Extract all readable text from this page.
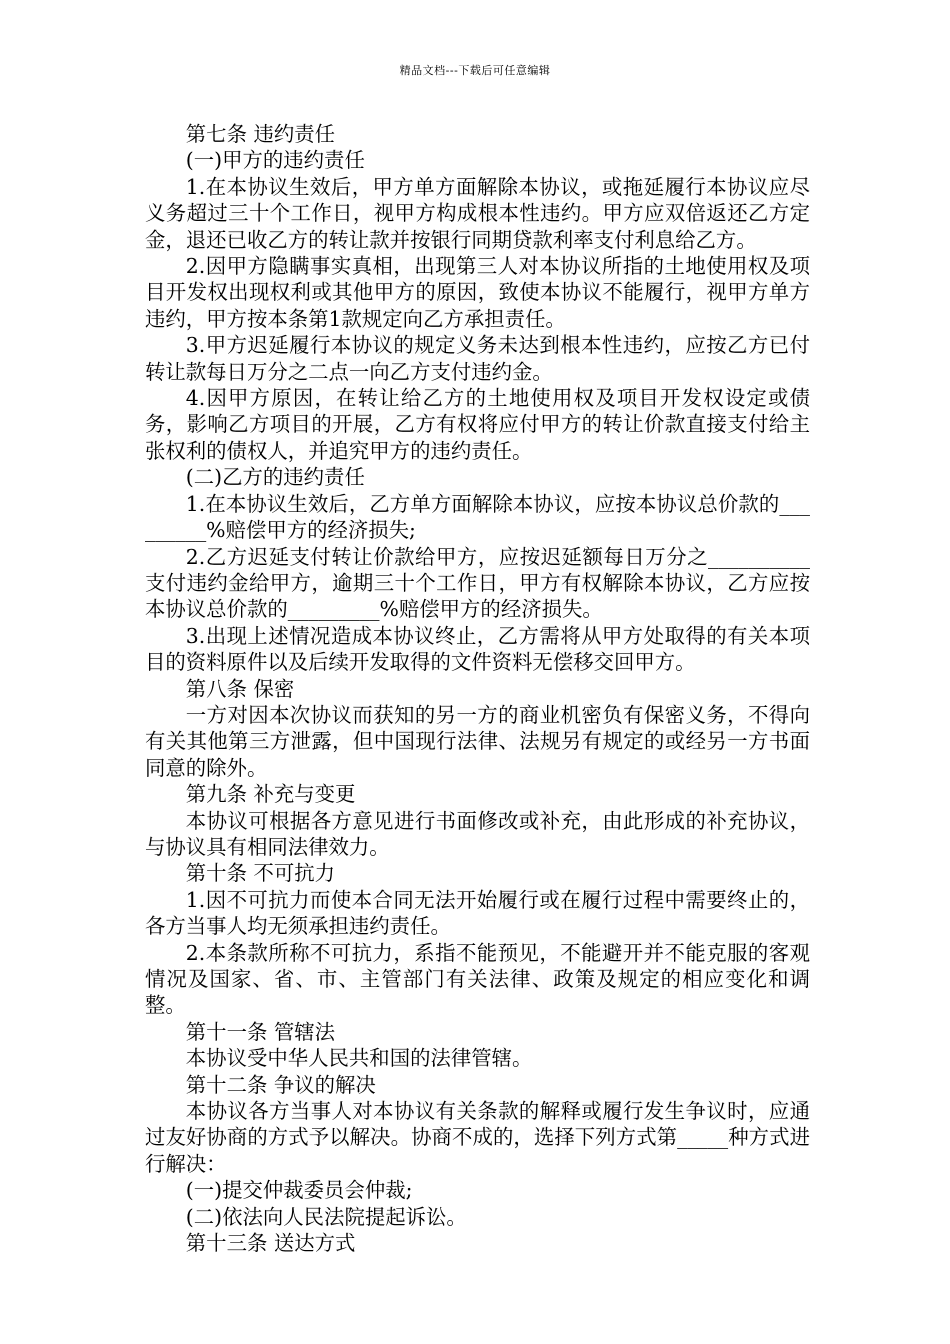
精品文档---下载后可任意编辑

第七条 违约责任

(一)甲方的违约责任

1.在本协议生效后，甲方单方面解除本协议，或拖延履行本协议应尽义务超过三十个工作日，视甲方构成根本性违约。甲方应双倍返还乙方定金，退还已收乙方的转让款并按银行同期贷款利率支付利息给乙方。

2.因甲方隐瞒事实真相，出现第三人对本协议所指的土地使用权及项目开发权出现权利或其他甲方的原因，致使本协议不能履行，视甲方单方违约，甲方按本条第1款规定向乙方承担责任。

3.甲方迟延履行本协议的规定义务未达到根本性违约，应按乙方已付转让款每日万分之二点一向乙方支付违约金。

4.因甲方原因，在转让给乙方的土地使用权及项目开发权设定或债务，影响乙方项目的开展，乙方有权将应付甲方的转让价款直接支付给主张权利的债权人，并追究甲方的违约责任。

(二)乙方的违约责任

1.在本协议生效后，乙方单方面解除本协议，应按本协议总价款的_________%赔偿甲方的经济损失;

2.乙方迟延支付转让价款给甲方，应按迟延额每日万分之__________支付违约金给甲方，逾期三十个工作日，甲方有权解除本协议，乙方应按本协议总价款的_________%赔偿甲方的经济损失。

3.出现上述情况造成本协议终止，乙方需将从甲方处取得的有关本项目的资料原件以及后续开发取得的文件资料无偿移交回甲方。

第八条 保密

一方对因本次协议而获知的另一方的商业机密负有保密义务，不得向有关其他第三方泄露，但中国现行法律、法规另有规定的或经另一方书面同意的除外。

第九条 补充与变更

本协议可根据各方意见进行书面修改或补充，由此形成的补充协议，与协议具有相同法律效力。

第十条 不可抗力

1.因不可抗力而使本合同无法开始履行或在履行过程中需要终止的，各方当事人均无须承担违约责任。

2.本条款所称不可抗力，系指不能预见，不能避开并不能克服的客观情况及国家、省、市、主管部门有关法律、政策及规定的相应变化和调整。

第十一条 管辖法

本协议受中华人民共和国的法律管辖。

第十二条 争议的解决

本协议各方当事人对本协议有关条款的解释或履行发生争议时，应通过友好协商的方式予以解决。协商不成的，选择下列方式第_____种方式进行解决：

(一)提交仲裁委员会仲裁;

(二)依法向人民法院提起诉讼。

第十三条 送达方式
